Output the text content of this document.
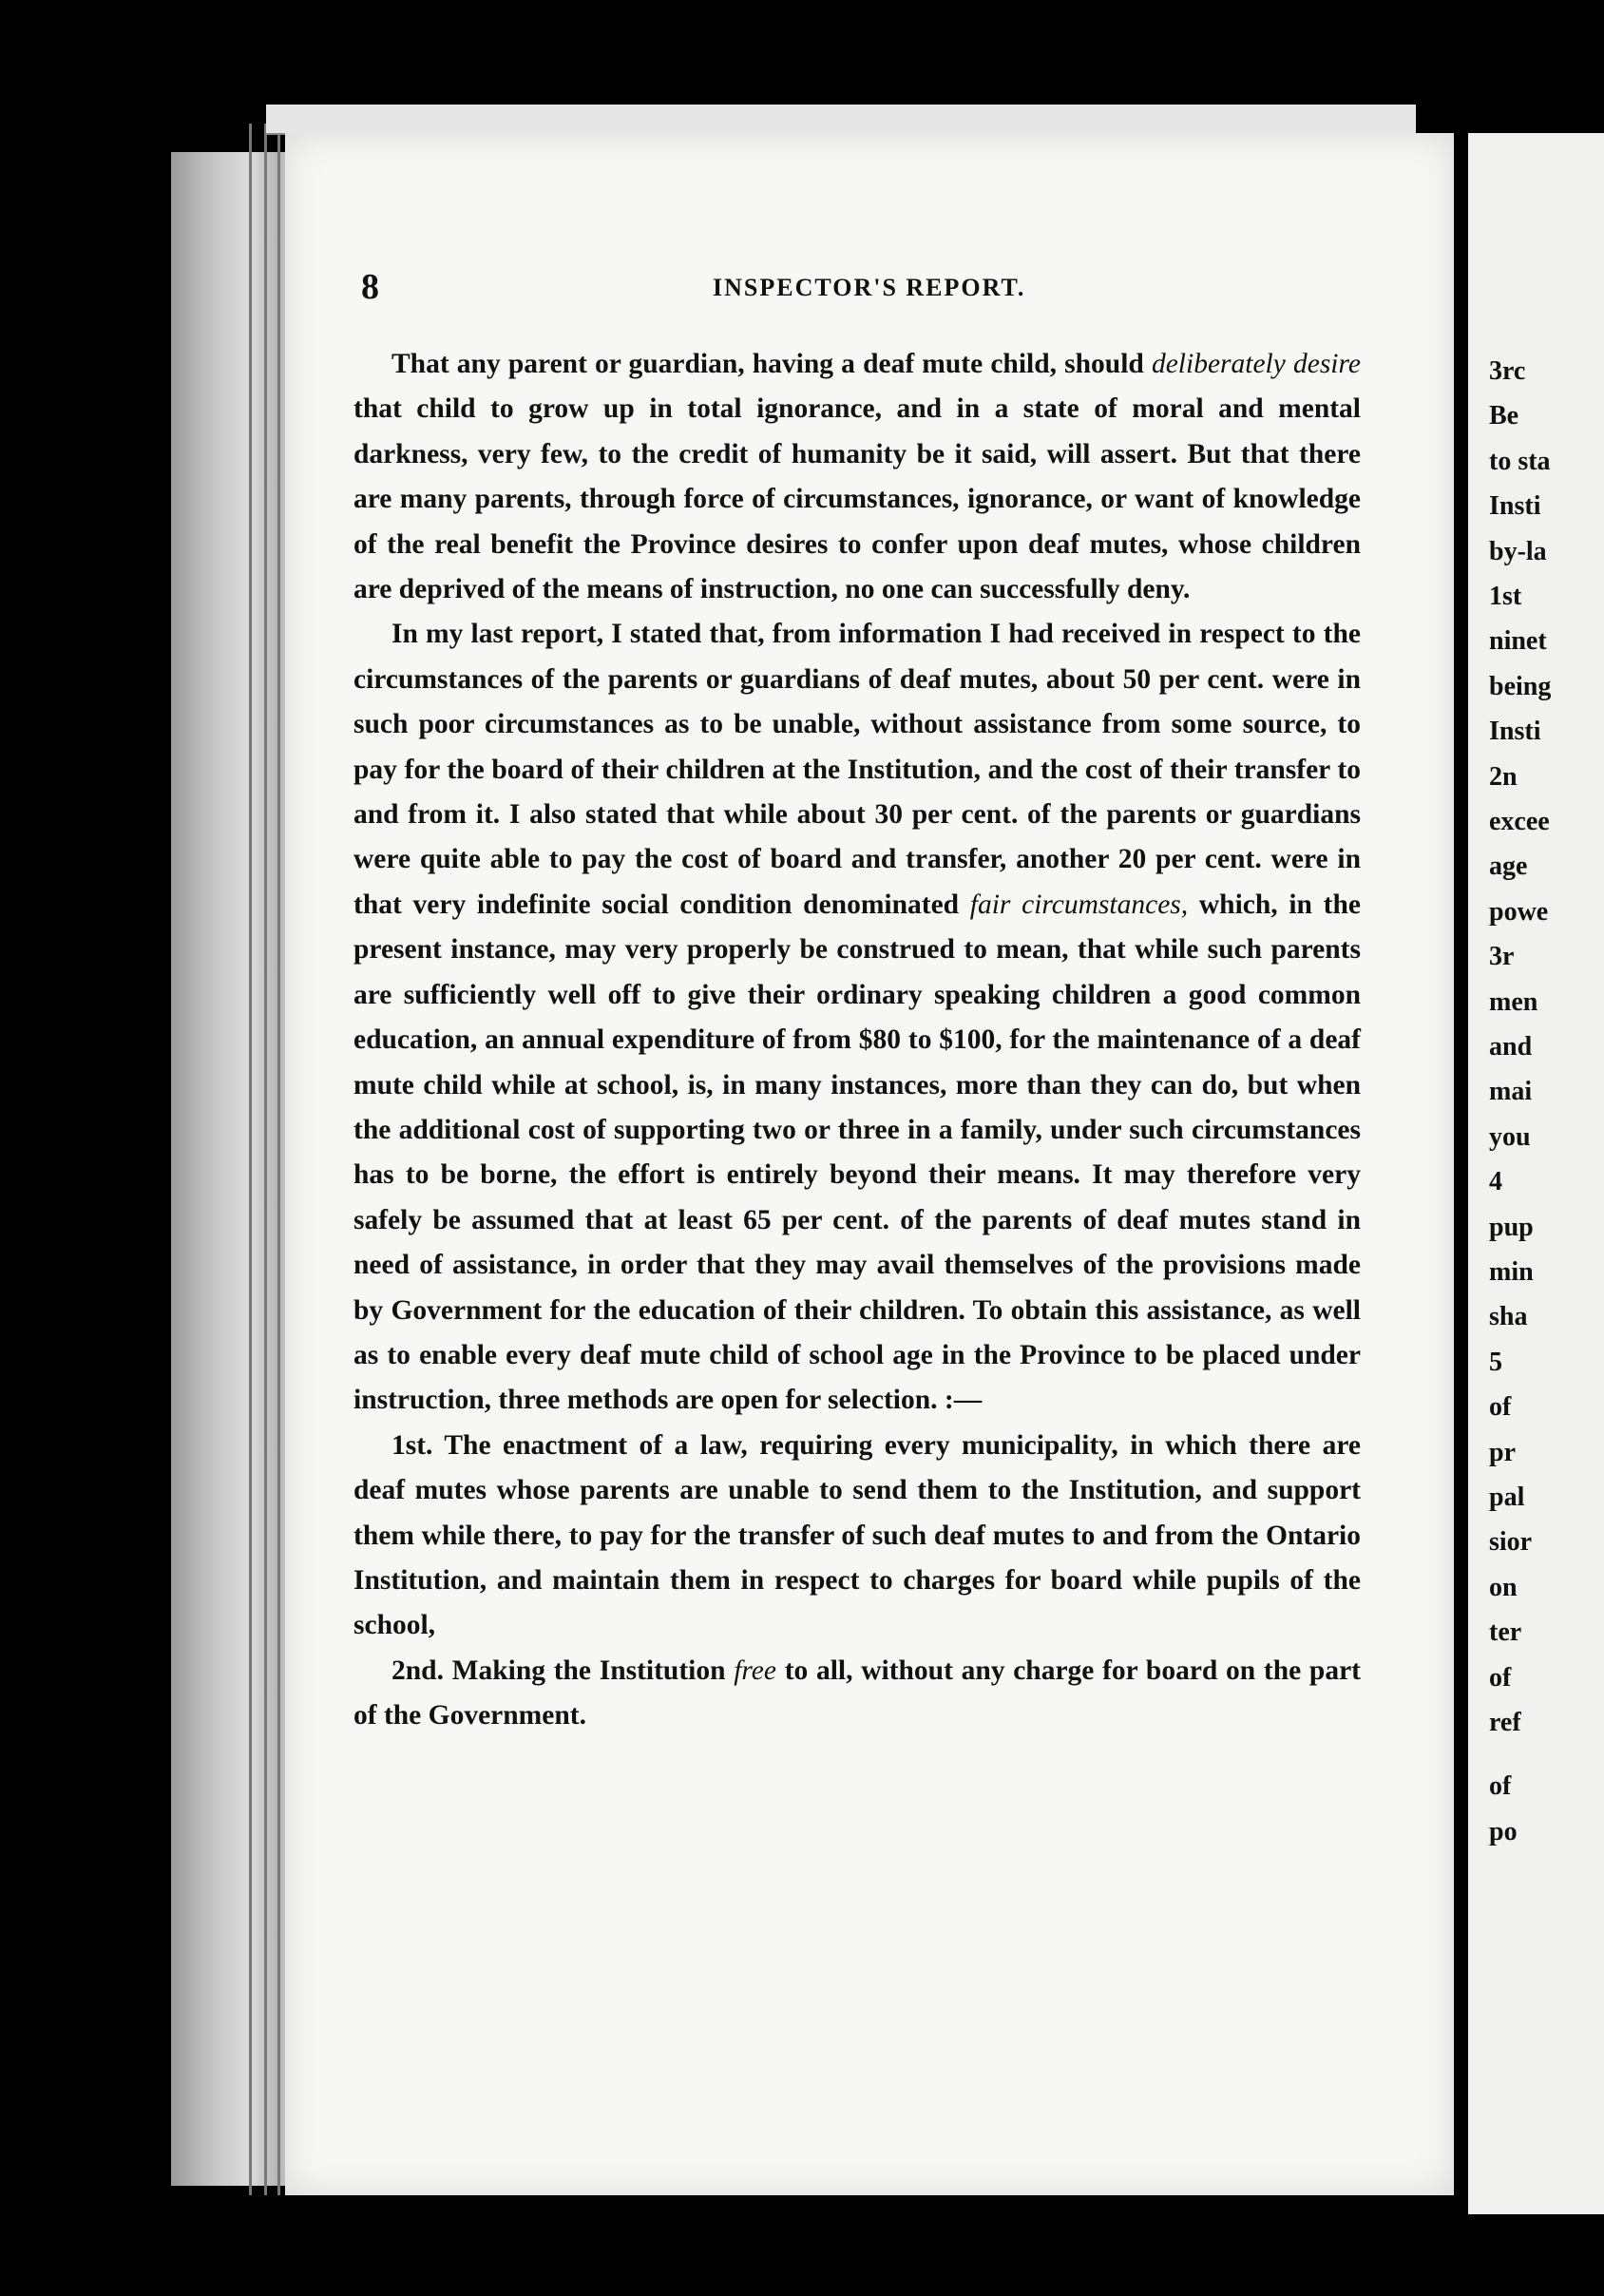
8	INSPECTOR'S REPORT.

That any parent or guardian, having a deaf mute child, should deliberately desire that child to grow up in total ignorance, and in a state of moral and mental darkness, very few, to the credit of humanity be it said, will assert. But that there are many parents, through force of circumstances, ignorance, or want of knowledge of the real benefit the Province desires to confer upon deaf mutes, whose children are deprived of the means of instruction, no one can successfully deny.

In my last report, I stated that, from information I had received in respect to the circumstances of the parents or guardians of deaf mutes, about 50 per cent. were in such poor circumstances as to be unable, without assistance from some source, to pay for the board of their children at the Institution, and the cost of their transfer to and from it. I also stated that while about 30 per cent. of the parents or guardians were quite able to pay the cost of board and transfer, another 20 per cent. were in that very indefinite social condition denominated fair circumstances, which, in the present instance, may very properly be construed to mean, that while such parents are sufficiently well off to give their ordinary speaking children a good common education, an annual expenditure of from $80 to $100, for the maintenance of a deaf mute child while at school, is, in many instances, more than they can do, but when the additional cost of supporting two or three in a family, under such circumstances has to be borne, the effort is entirely beyond their means. It may therefore very safely be assumed that at least 65 per cent. of the parents of deaf mutes stand in need of assistance, in order that they may avail themselves of the provisions made by Government for the education of their children. To obtain this assistance, as well as to enable every deaf mute child of school age in the Province to be placed under instruction, three methods are open for selection. :—

1st. The enactment of a law, requiring every municipality, in which there are deaf mutes whose parents are unable to send them to the Institution, and support them while there, to pay for the transfer of such deaf mutes to and from the Ontario Institution, and maintain them in respect to charges for board while pupils of the school,

2nd. Making the Institution free to all, without any charge for board on the part of the Government.

3rc
Be
to sta
Insti
by-la
1st
ninet
being
Insti
2n
excee
age
powe
3r
men
and
mai
you
4
pup
min
sha
5
of
pr
pal
sior
on
ter
of
ref
of
po
